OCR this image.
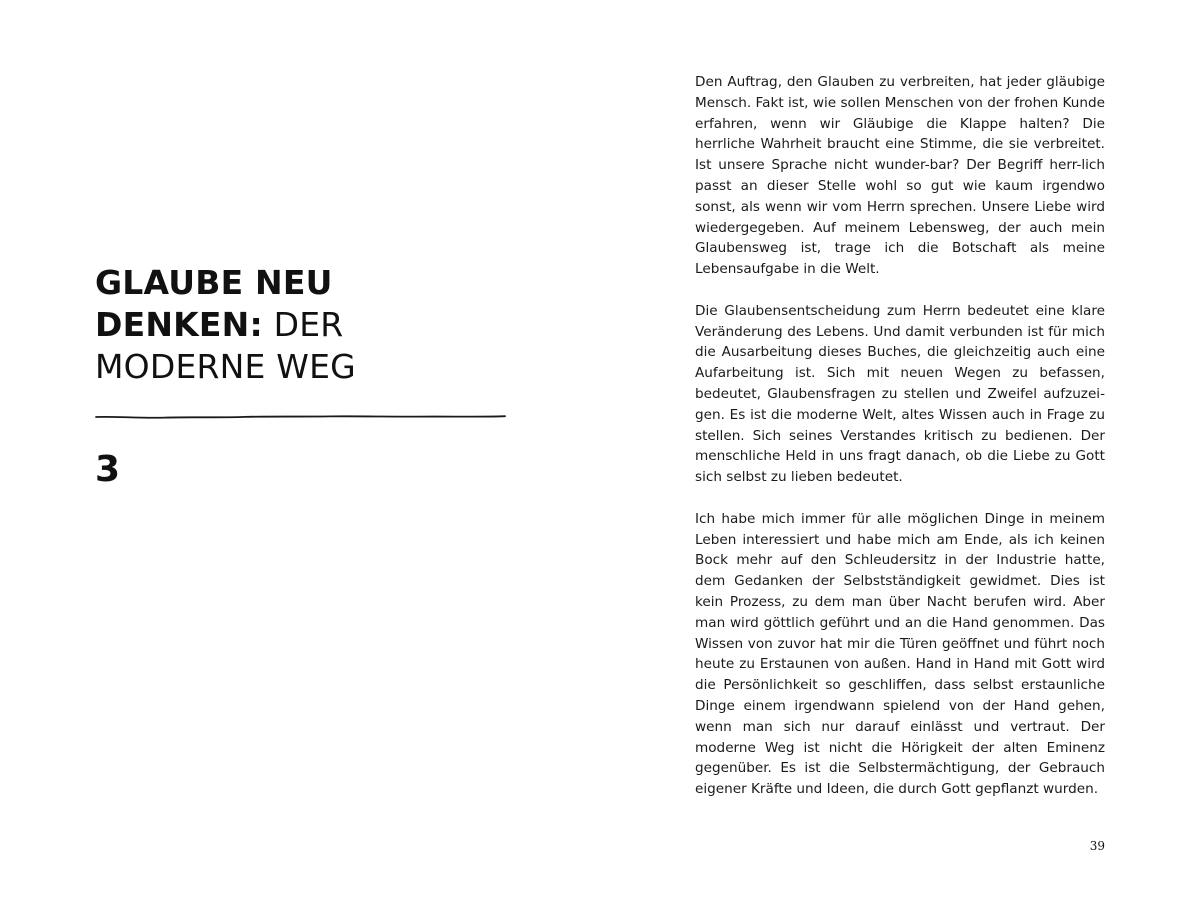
GLAUBE NEU
DENKEN: DER
MODERNE WEG
3

Den Auftrag, den Glauben zu verbreiten, hat jeder gläubige Mensch. Fakt ist, wie sollen Menschen von der frohen Kunde erfahren, wenn wir Gläubige die Klappe halten? Die herrliche Wahrheit braucht eine Stimme, die sie verbreitet. Ist unsere Sprache nicht wunder-bar? Der Begriff herr-lich passt an dieser Stelle wohl so gut wie kaum irgendwo sonst, als wenn wir vom Herrn sprechen. Unsere Liebe wird wiedergegeben. Auf meinem Lebensweg, der auch mein Glaubensweg ist, trage ich die Botschaft als meine Lebensaufgabe in die Welt.

Die Glaubensentscheidung zum Herrn bedeutet eine klare Veränderung des Lebens. Und damit verbunden ist für mich die Ausarbeitung dieses Buches, die gleichzeitig auch eine Aufarbeitung ist. Sich mit neuen Wegen zu befassen, bedeutet, Glaubensfragen zu stellen und Zweifel aufzuzeigen. Es ist die moderne Welt, altes Wissen auch in Frage zu stellen. Sich seines Verstandes kritisch zu bedienen. Der menschliche Held in uns fragt danach, ob die Liebe zu Gott sich selbst zu lieben bedeutet.

Ich habe mich immer für alle möglichen Dinge in meinem Leben interessiert und habe mich am Ende, als ich keinen Bock mehr auf den Schleudersitz in der Industrie hatte, dem Gedanken der Selbstständigkeit gewidmet. Dies ist kein Prozess, zu dem man über Nacht berufen wird. Aber man wird göttlich geführt und an die Hand genommen. Das Wissen von zuvor hat mir die Türen geöffnet und führt noch heute zu Erstaunen von außen. Hand in Hand mit Gott wird die Persönlichkeit so geschliffen, dass selbst erstaunliche Dinge einem irgendwann spielend von der Hand gehen, wenn man sich nur darauf einlässt und vertraut. Der moderne Weg ist nicht die Hörigkeit der alten Eminenz gegenüber. Es ist die Selbstermächtigung, der Gebrauch eigener Kräfte und Ideen, die durch Gott gepflanzt wurden.

39
